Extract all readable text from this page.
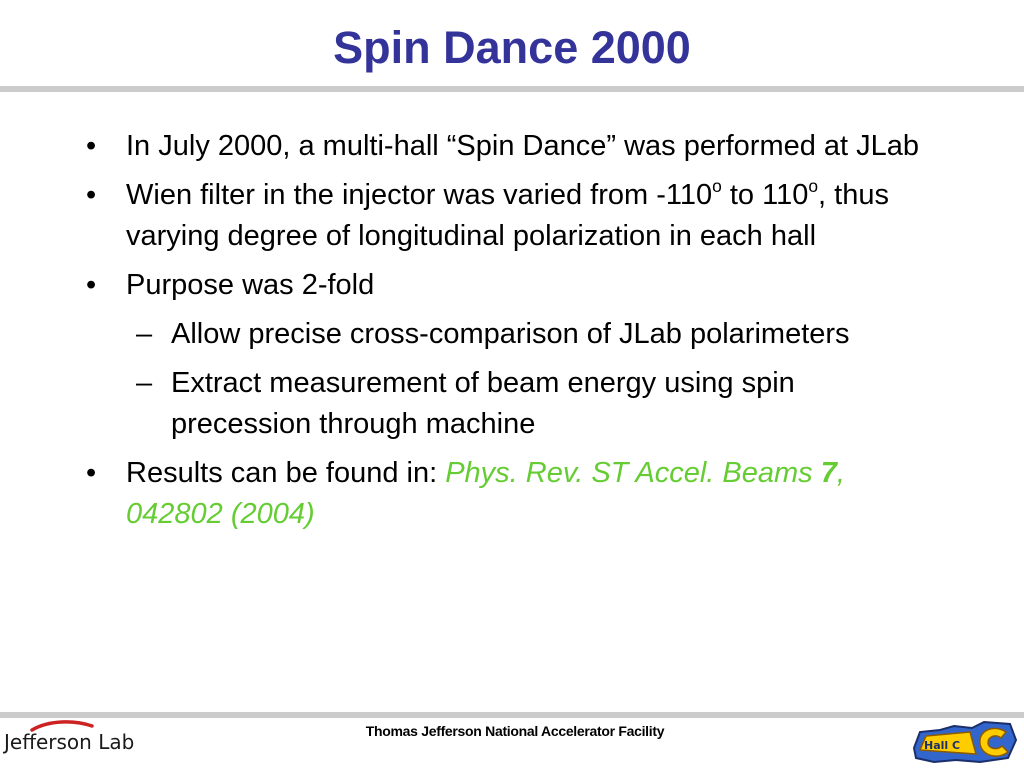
Spin Dance 2000
• In July 2000, a multi-hall “Spin Dance” was performed at JLab
• Wien filter in the injector was varied from -110$^o$ to 110$^o$, thus varying degree of longitudinal polarization in each hall
• Purpose was 2-fold
– Allow precise cross-comparison of JLab polarimeters
– Extract measurement of beam energy using spin precession through machine
• Results can be found in: Phys. Rev. ST Accel. Beams 7, 042802 (2004)
Thomas Jefferson National Accelerator Facility
Jefferson Lab	Hall C
